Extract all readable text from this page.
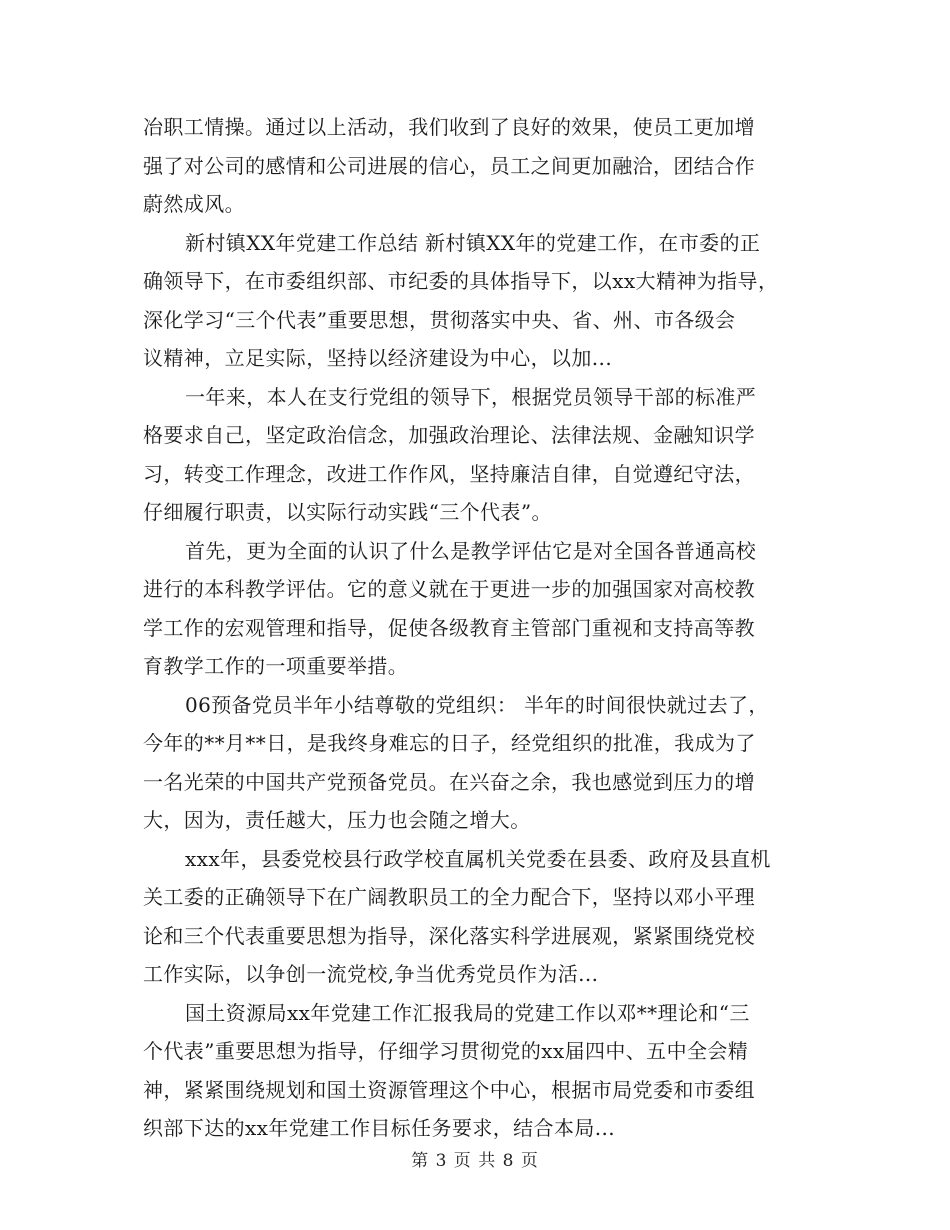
冶职工情操。通过以上活动，我们收到了良好的效果，使员工更加增
强了对公司的感情和公司进展的信心，员工之间更加融洽，团结合作
蔚然成风。
新村镇XX年党建工作总结 新村镇XX年的党建工作，在市委的正
确领导下，在市委组织部、市纪委的具体指导下，以xx大精神为指导，
深化学习“三个代表”重要思想，贯彻落实中央、省、州、市各级会
议精神，立足实际，坚持以经济建设为中心，以加...
一年来，本人在支行党组的领导下，根据党员领导干部的标准严
格要求自己，坚定政治信念，加强政治理论、法律法规、金融知识学
习，转变工作理念，改进工作作风，坚持廉洁自律，自觉遵纪守法，
仔细履行职责，以实际行动实践“三个代表”。
首先，更为全面的认识了什么是教学评估它是对全国各普通高校
进行的本科教学评估。它的意义就在于更进一步的加强国家对高校教
学工作的宏观管理和指导，促使各级教育主管部门重视和支持高等教
育教学工作的一项重要举措。
06预备党员半年小结尊敬的党组织： 半年的时间很快就过去了，
今年的**月**日，是我终身难忘的日子，经党组织的批准，我成为了
一名光荣的中国共产党预备党员。在兴奋之余，我也感觉到压力的增
大，因为，责任越大，压力也会随之增大。
xxx年，县委党校县行政学校直属机关党委在县委、政府及县直机
关工委的正确领导下在广阔教职员工的全力配合下，坚持以邓小平理
论和三个代表重要思想为指导，深化落实科学进展观，紧紧围绕党校
工作实际，以争创一流党校,争当优秀党员作为活...
国土资源局xx年党建工作汇报我局的党建工作以邓**理论和“三
个代表”重要思想为指导，仔细学习贯彻党的xx届四中、五中全会精
神，紧紧围绕规划和国土资源管理这个中心，根据市局党委和市委组
织部下达的xx年党建工作目标任务要求，结合本局...
第 3 页 共 8 页
